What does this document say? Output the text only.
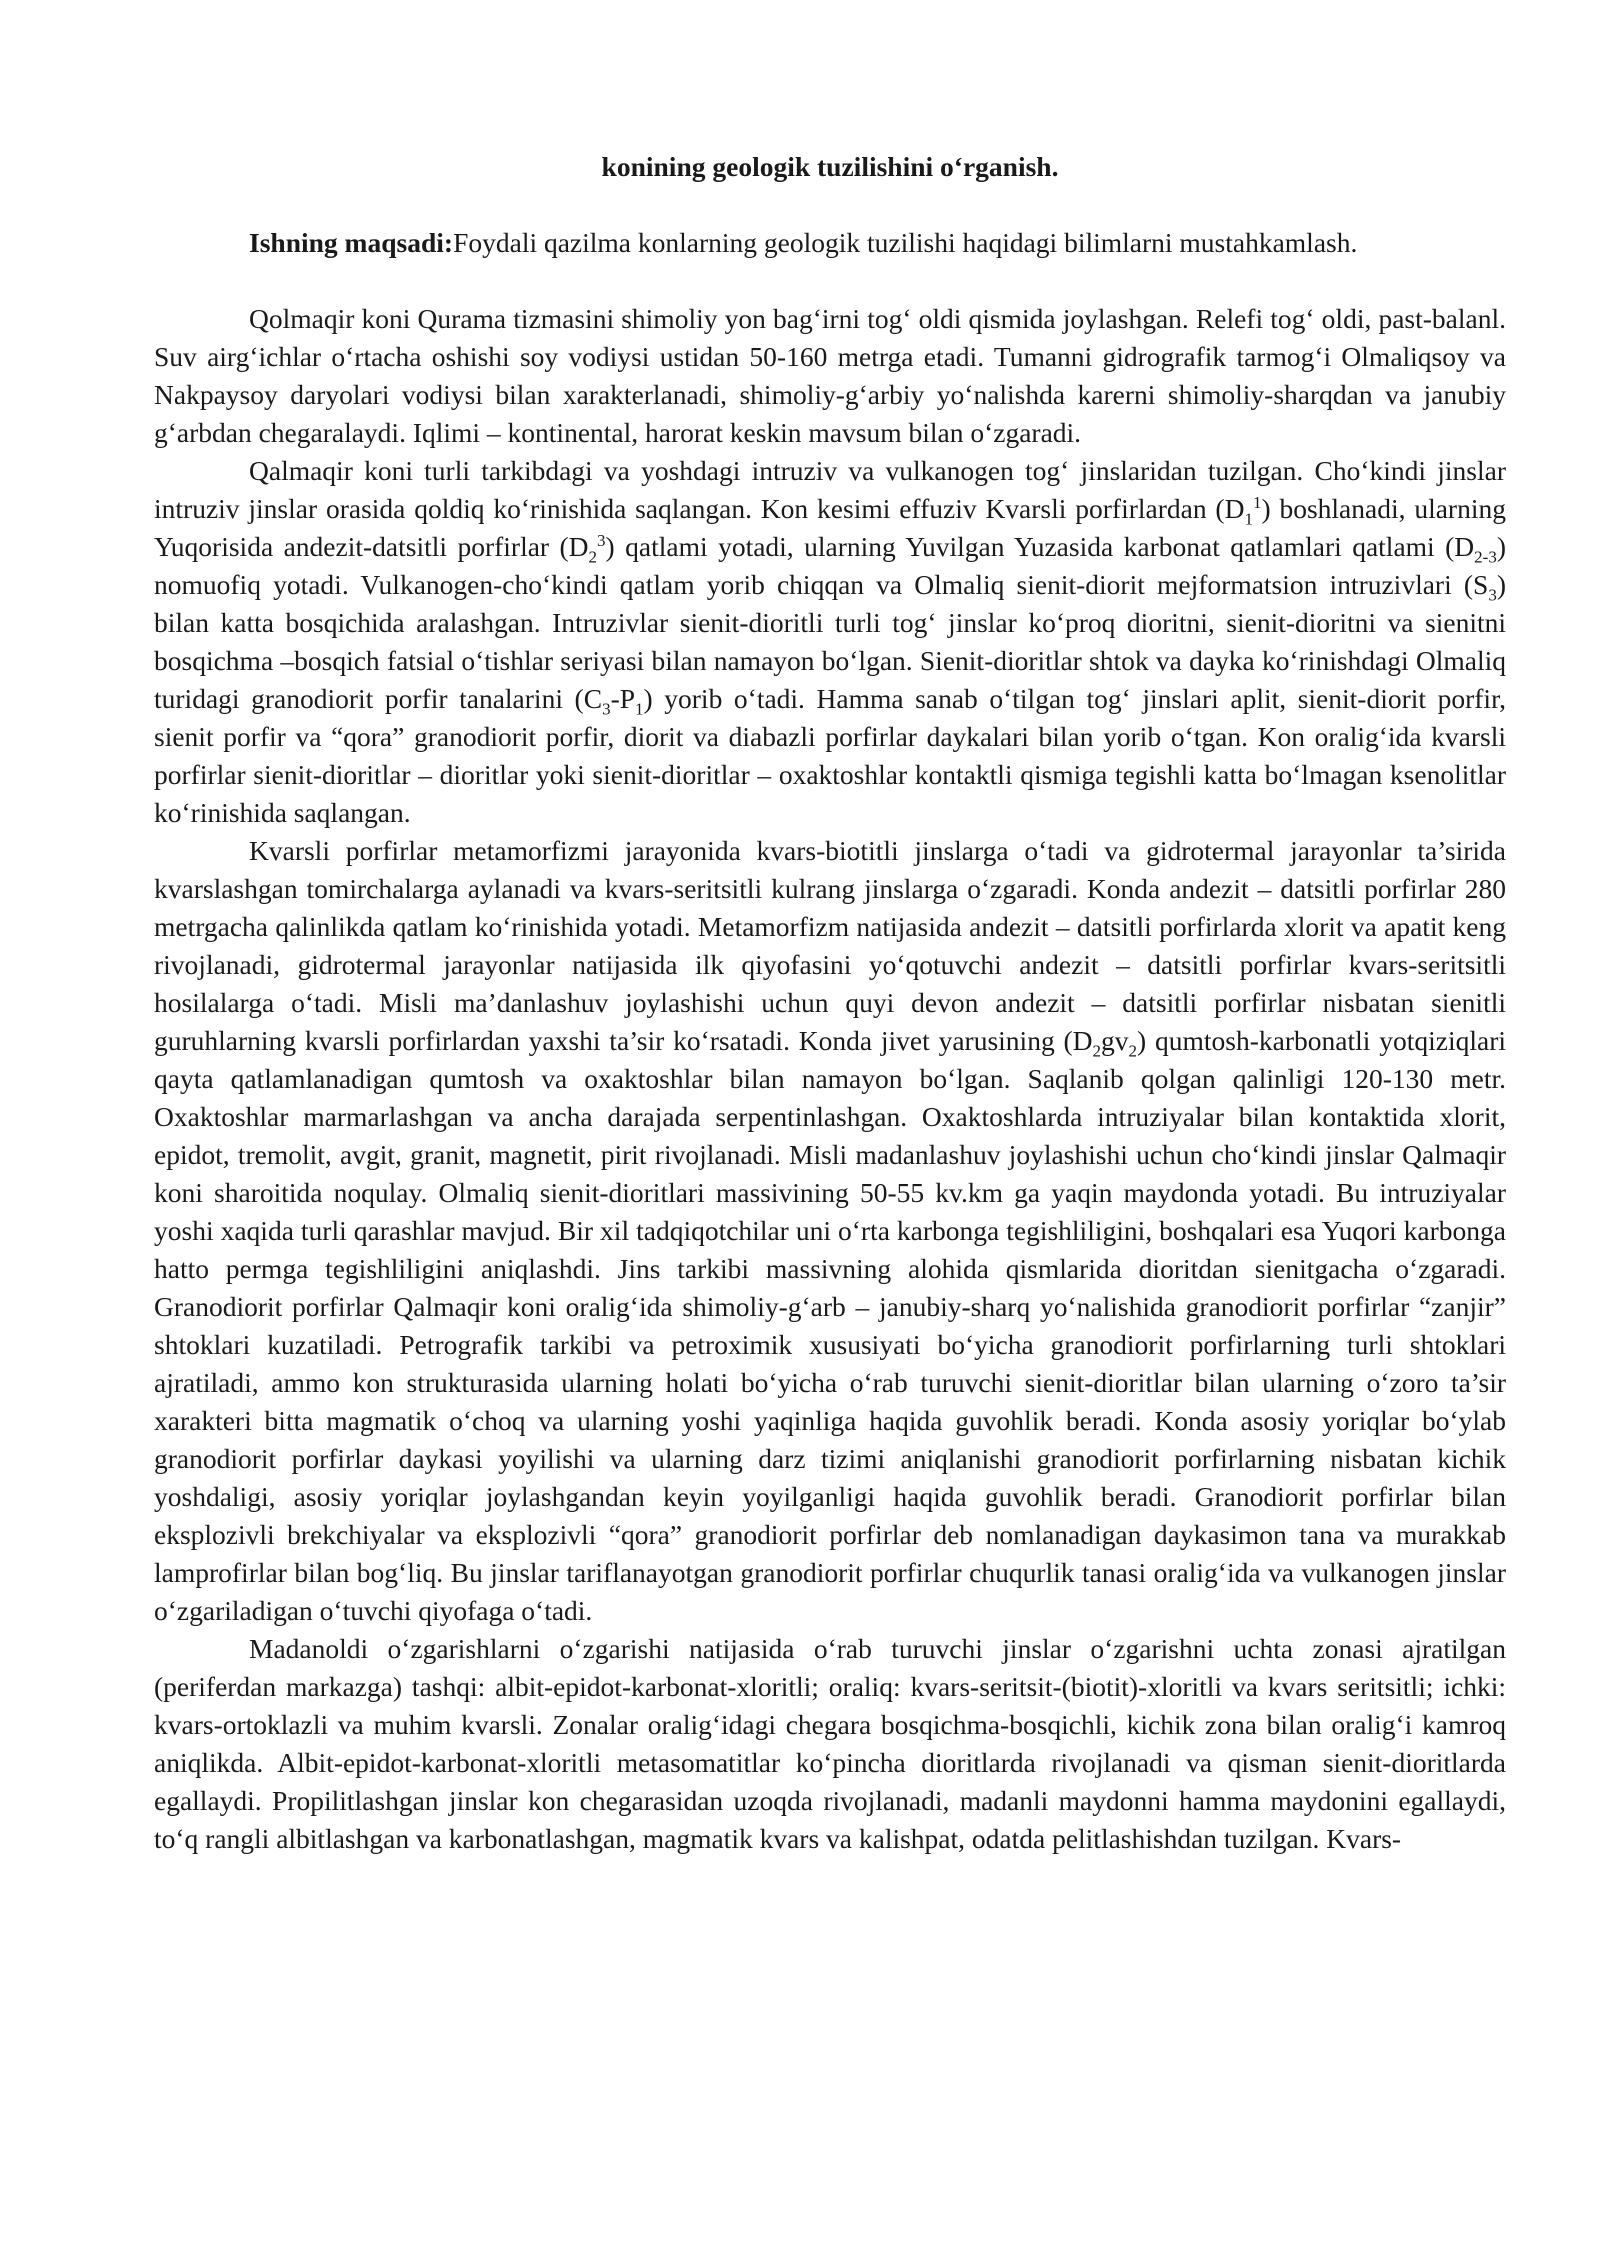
konining geologik tuzilishini o‘rganish.
Ishning maqsadi:Foydali qazilma konlarning geologik tuzilishi haqidagi bilimlarni mustahkamlash.

Qolmaqir koni Qurama tizmasini shimoliy yon bag‘irni tog‘ oldi qismida joylashgan. Relefi tog‘ oldi, past-balanl. Suv airg‘ichlar o‘rtacha oshishi soy vodiysi ustidan 50-160 metrga etadi. Tumanni gidrografik tarmog‘i Olmaliqsoy va Nakpaysoy daryolari vodiysi bilan xarakterlanadi, shimoliy-g‘arbiy yo‘nalishda karerni shimoliy-sharqdan va janubiy g‘arbdan chegaralaydi. Iqlimi – kontinental, harorat keskin mavsum bilan o‘zgaradi.

Qalmaqir koni turli tarkibdagi va yoshdagi intruziv va vulkanogen tog‘ jinslaridan tuzilgan. Cho‘kindi jinslar intruziv jinslar orasida qoldiq ko‘rinishida saqlangan. Kon kesimi effuziv Kvarsli porfirlardan $(D_1^1)$ boshlanadi, ularning Yuqorisida andezit-datsitli porfirlar $(D_2^3)$ qatlami yotadi, ularning Yuvilgan Yuzasida karbonat qatlamlari qatlami $(D_{2-3})$ nomuofiq yotadi. Vulkanogen-cho‘kindi qatlam yorib chiqqan va Olmaliq sienit-diorit mejformatsion intruzivlari $(S_3)$ bilan katta bosqichida aralashgan. Intruzivlar sienit-dioritli turli tog‘ jinslar ko‘proq dioritni, sienit-dioritni va sienitni bosqichma –bosqich fatsial o‘tishlar seriyasi bilan namayon bo‘lgan. Sienit-dioritlar shtok va dayka ko‘rinishdagi Olmaliq turidagi granodiorit porfir tanalarini $(C_3-P_1)$ yorib o‘tadi. Hamma sanab o‘tilgan tog‘ jinslari aplit, sienit-diorit porfir, sienit porfir va “qora” granodiorit porfir, diorit va diabazli porfirlar daykalari bilan yorib o‘tgan. Kon oralig‘ida kvarsli porfirlar sienit-dioritlar – dioritlar yoki sienit-dioritlar – oxaktoshlar kontaktli qismiga tegishli katta bo‘lmagan ksenolitlar ko‘rinishida saqlangan.

Kvarsli porfirlar metamorfizmi jarayonida kvars-biotitli jinslarga o‘tadi va gidrotermal jarayonlar ta’sirida kvarslashgan tomirchalarga aylanadi va kvars-seritsitli kulrang jinslarga o‘zgaradi. Konda andezit – datsitli porfirlar 280 metrgacha qalinlikda qatlam ko‘rinishida yotadi. Metamorfizm natijasida andezit – datsitli porfirlarda xlorit va apatit keng rivojlanadi, gidrotermal jarayonlar natijasida ilk qiyofasini yo‘qotuvchi andezit – datsitli porfirlar kvars-seritsitli hosilalarga o‘tadi. Misli ma’danlashuv joylashishi uchun quyi devon andezit – datsitli porfirlar nisbatan sienitli guruhlarning kvarsli porfirlardan yaxshi ta’sir ko‘rsatadi. Konda jivet yarusining $(D_2gv_2)$ qumtosh-karbonatli yotqiziqlari qayta qatlamlanadigan qumtosh va oxaktoshlar bilan namayon bo‘lgan. Saqlanib qolgan qalinligi 120-130 metr. Oxaktoshlar marmarlashgan va ancha darajada serpentinlashgan. Oxaktoshlarda intruziyalar bilan kontaktida xlorit, epidot, tremolit, avgit, granit, magnetit, pirit rivojlanadi. Misli madanlashuv joylashishi uchun cho‘kindi jinslar Qalmaqir koni sharoitida noqulay. Olmaliq sienit-dioritlari massivining 50-55 kv.km ga yaqin maydonda yotadi. Bu intruziyalar yoshi xaqida turli qarashlar mavjud. Bir xil tadqiqotchilar uni o‘rta karbonga tegishliligini, boshqalari esa Yuqori karbonga hatto permga tegishliligini aniqlashdi. Jins tarkibi massivning alohida qismlarida dioritdan sienitgacha o‘zgaradi. Granodiorit porfirlar Qalmaqir koni oralig‘ida shimoliy-g‘arb – janubiy-sharq yo‘nalishida granodiorit porfirlar “zanjir” shtoklari kuzatiladi. Petrografik tarkibi va petroximik xususiyati bo‘yicha granodiorit porfirlarning turli shtoklari ajratiladi, ammo kon strukturasida ularning holati bo‘yicha o‘rab turuvchi sienit-dioritlar bilan ularning o‘zoro ta’sir xarakteri bitta magmatik o‘choq va ularning yoshi yaqinliga haqida guvohlik beradi. Konda asosiy yoriqlar bo‘ylab granodiorit porfirlar daykasi yoyilishi va ularning darz tizimi aniqlanishi granodiorit porfirlarning nisbatan kichik yoshdaligi, asosiy yoriqlar joylashgandan keyin yoyilganligi haqida guvohlik beradi. Granodiorit porfirlar bilan eksplozivli brekchiyalar va eksplozivli “qora” granodiorit porfirlar deb nomlanadigan daykasimon tana va murakkab lamprofirlar bilan bog‘liq. Bu jinslar tariflanayotgan granodiorit porfirlar chuqurlik tanasi oralig‘ida va vulkanogen jinslar o‘zgariladigan o‘tuvchi qiyofaga o‘tadi.

Madanoldi o‘zgarishlarni o‘zgarishi natijasida o‘rab turuvchi jinslar o‘zgarishni uchta zonasi ajratilgan (periferdan markazga) tashqi: albit-epidot-karbonat-xloritli; oraliq: kvars-seritsit-(biotit)-xloritli va kvars seritsitli; ichki: kvars-ortoklazli va muhim kvarsli. Zonalar oralig‘idagi chegara bosqichma-bosqichli, kichik zona bilan oralig‘i kamroq aniqlikda. Albit-epidot-karbonat-xloritli metasomatitlar ko‘pincha dioritlarda rivojlanadi va qisman sienit-dioritlarda egallaydi. Propilitlashgan jinslar kon chegarasidan uzoqda rivojlanadi, madanli maydonni hamma maydonini egallaydi, to‘q rangli albitlashgan va karbonatlashgan, magmatik kvars va kalishpat, odatda pelitlashishdan tuzilgan. Kvars-
